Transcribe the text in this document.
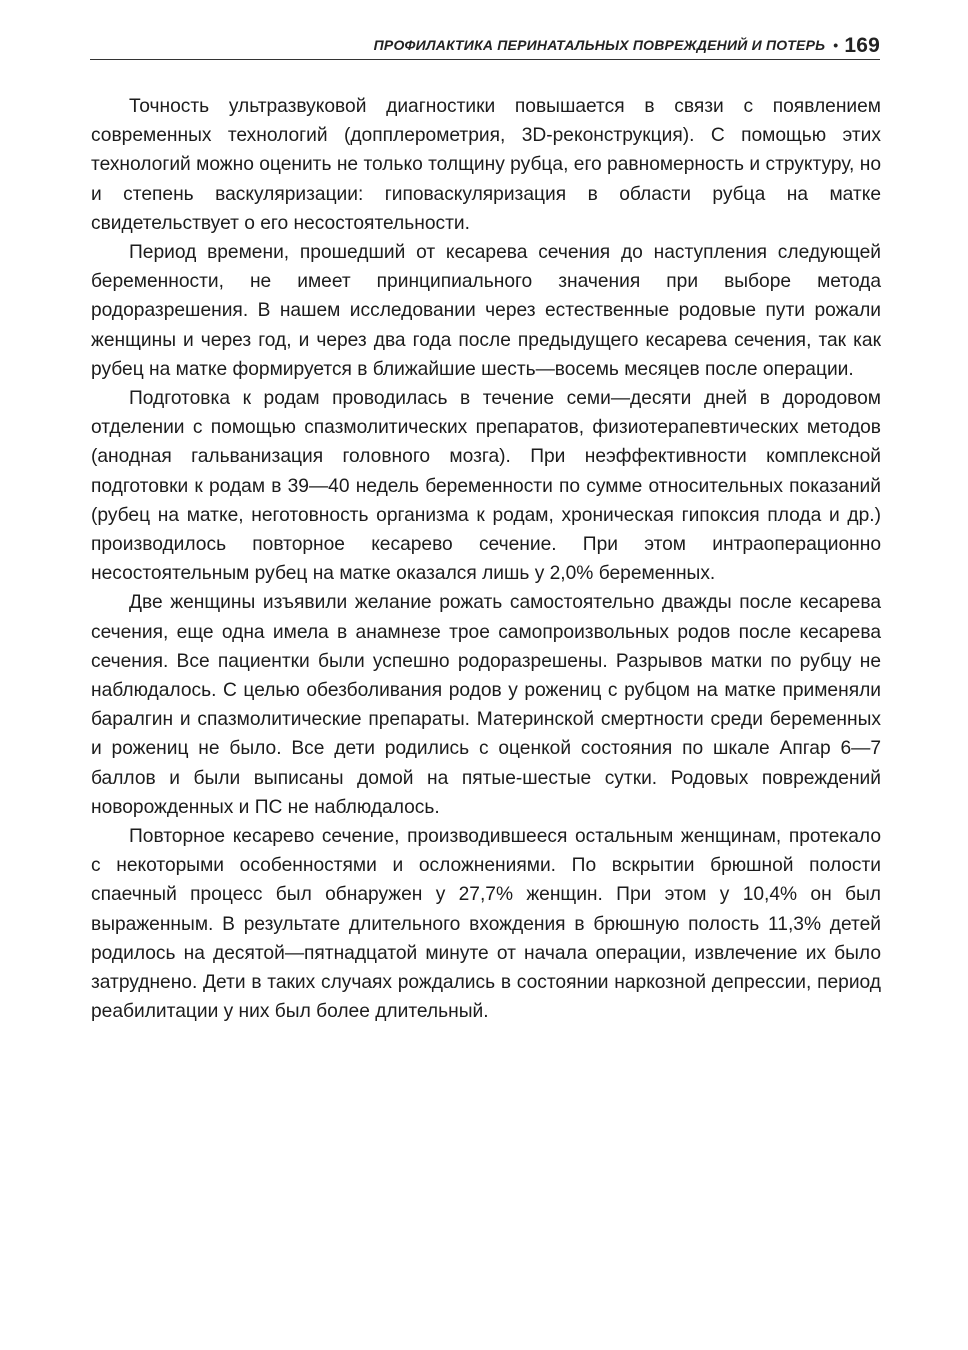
ПРОФИЛАКТИКА ПЕРИНАТАЛЬНЫХ ПОВРЕЖДЕНИЙ И ПОТЕРЬ • 169

Точность ультразвуковой диагностики повышается в связи с появлением современных технологий (допплерометрия, 3D-реконструкция). С помощью этих технологий можно оценить не только толщину рубца, его равномерность и структуру, но и степень васкуляризации: гиповаскуляризация в области рубца на матке свидетельствует о его несостоятельности.

Период времени, прошедший от кесарева сечения до наступления следующей беременности, не имеет принципиального значения при выборе метода родоразрешения. В нашем исследовании через естественные родовые пути рожали женщины и через год, и через два года после предыдущего кесарева сечения, так как рубец на матке формируется в ближайшие шесть—восемь месяцев после операции.

Подготовка к родам проводилась в течение семи—десяти дней в дородовом отделении с помощью спазмолитических препаратов, физиотерапевтических методов (анодная гальванизация головного мозга). При неэффективности комплексной подготовки к родам в 39—40 недель беременности по сумме относительных показаний (рубец на матке, неготовность организма к родам, хроническая гипоксия плода и др.) производилось повторное кесарево сечение. При этом интраоперационно несостоятельным рубец на матке оказался лишь у 2,0% беременных.

Две женщины изъявили желание рожать самостоятельно дважды после кесарева сечения, еще одна имела в анамнезе трое самопроизвольных родов после кесарева сечения. Все пациентки были успешно родоразрешены. Разрывов матки по рубцу не наблюдалось. С целью обезболивания родов у рожениц с рубцом на матке применяли баралгин и спазмолитические препараты. Материнской смертности среди беременных и рожениц не было. Все дети родились с оценкой состояния по шкале Апгар 6—7 баллов и были выписаны домой на пятые-шестые сутки. Родовых повреждений новорожденных и ПС не наблюдалось.

Повторное кесарево сечение, производившееся остальным женщинам, протекало с некоторыми особенностями и осложнениями. По вскрытии брюшной полости спаечный процесс был обнаружен у 27,7% женщин. При этом у 10,4% он был выраженным. В результате длительного вхождения в брюшную полость 11,3% детей родилось на десятой—пятнадцатой минуте от начала операции, извлечение их было затруднено. Дети в таких случаях рождались в состоянии наркозной депрессии, период реабилитации у них был более длительный.
